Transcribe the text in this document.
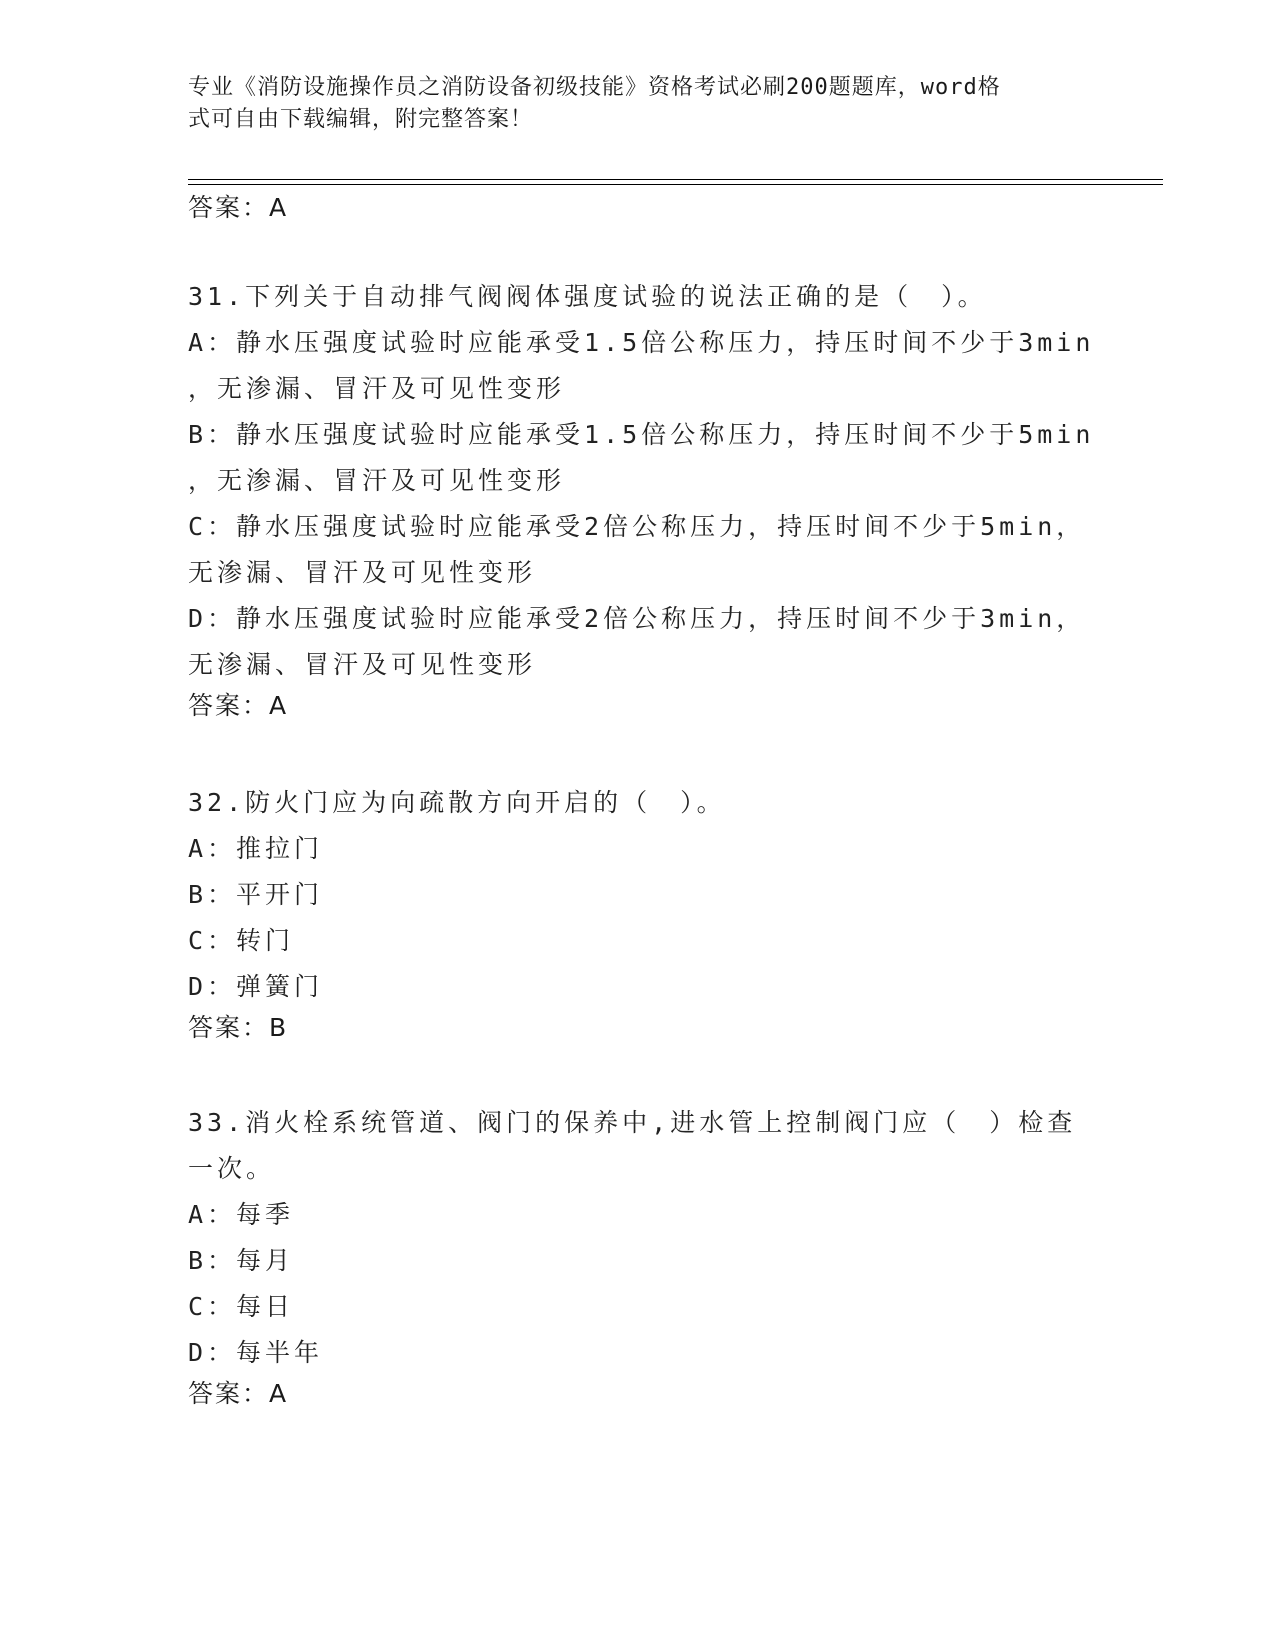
专业《消防设施操作员之消防设备初级技能》资格考试必刷200题题库，word格
式可自由下载编辑，附完整答案！
答案：A
31.下列关于自动排气阀阀体强度试验的说法正确的是（　）。
A：静水压强度试验时应能承受1.5倍公称压力，持压时间不少于3min
，无渗漏、冒汗及可见性变形
B：静水压强度试验时应能承受1.5倍公称压力，持压时间不少于5min
，无渗漏、冒汗及可见性变形
C：静水压强度试验时应能承受2倍公称压力，持压时间不少于5min，
无渗漏、冒汗及可见性变形
D：静水压强度试验时应能承受2倍公称压力，持压时间不少于3min，
无渗漏、冒汗及可见性变形
答案：A
32.防火门应为向疏散方向开启的（　）。
A：推拉门
B：平开门
C：转门
D：弹簧门
答案：B
33.消火栓系统管道、阀门的保养中,进水管上控制阀门应（　）检查
一次。
A：每季
B：每月
C：每日
D：每半年
答案：A
